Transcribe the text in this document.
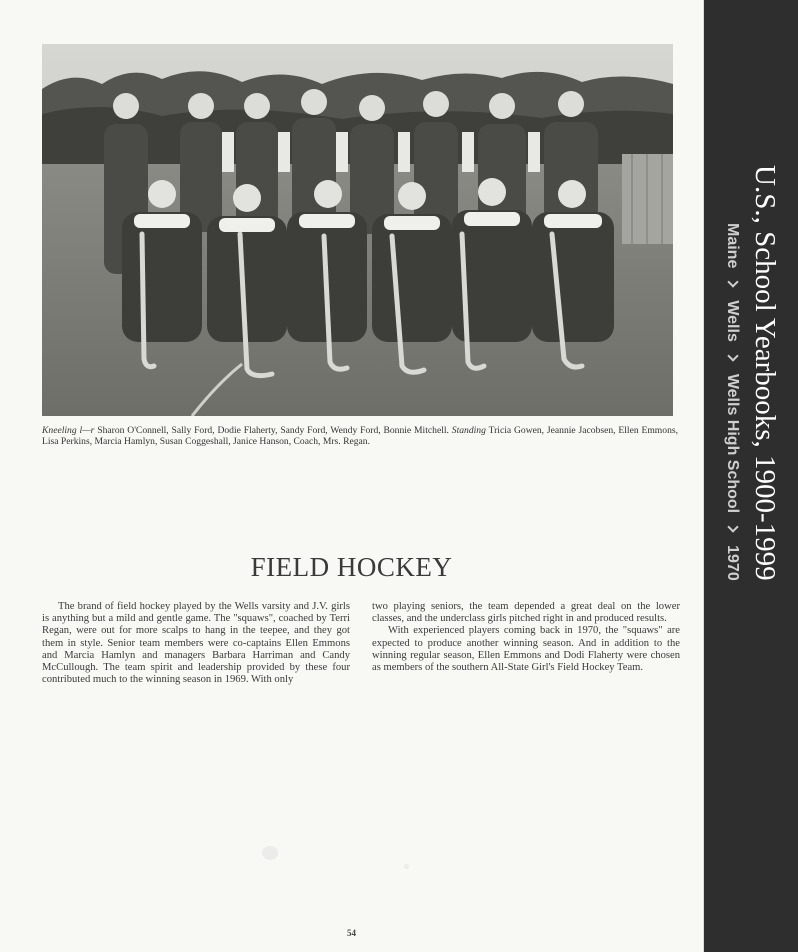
Kneeling l—r Sharon O'Connell, Sally Ford, Dodie Flaherty, Sandy Ford, Wendy Ford, Bonnie Mitchell. Standing Tricia Gowen, Jeannie Jacobsen, Ellen Emmons, Lisa Perkins, Marcia Hamlyn, Susan Coggeshall, Janice Hanson, Coach, Mrs. Regan.

FIELD HOCKEY

The brand of field hockey played by the Wells varsity and J.V. girls is anything but a mild and gentle game. The "squaws", coached by Terri Regan, were out for more scalps to hang in the teepee, and they got them in style. Senior team members were co-captains Ellen Emmons and Marcia Hamlyn and managers Barbara Harriman and Candy McCullough. The team spirit and leadership provided by these four contributed much to the winning season in 1969. With only

two playing seniors, the team depended a great deal on the lower classes, and the underclass girls pitched right in and produced results.

With experienced players coming back in 1970, the "squaws" are expected to produce another winning season. And in addition to the winning regular season, Ellen Emmons and Dodi Flaherty were chosen as members of the southern All-State Girl's Field Hockey Team.

54
U.S., School Yearbooks, 1900-1999
MaineWellsWells High School1970
